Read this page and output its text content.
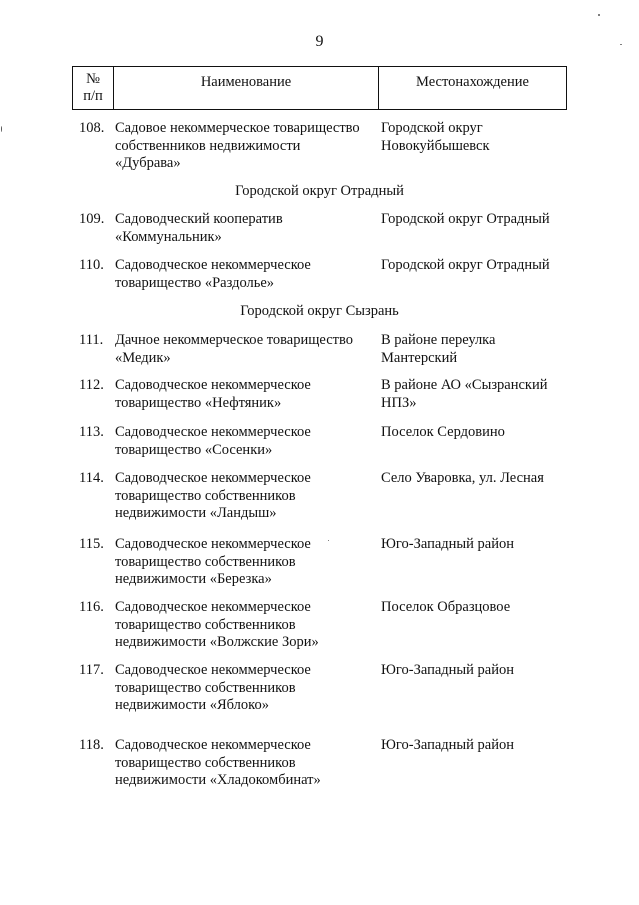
9
№
п/п
Наименование	Местонахождение
108. Садовое некоммерческое товарищество
собственников недвижимости
«Дубрава»
Городской округ
Новокуйбышевск
Городской округ Отрадный
109. Садоводческий кооператив
«Коммунальник»
Городской округ Отрадный
110. Садоводческое некоммерческое
товарищество «Раздолье»
Городской округ Отрадный
Городской округ Сызрань
111. Дачное некоммерческое товарищество
«Медик»
В районе переулка
Мантерский
112. Садоводческое некоммерческое
товарищество «Нефтяник»
В районе АО «Сызранский
НПЗ»
113. Садоводческое некоммерческое
товарищество «Сосенки»
Поселок Сердовино
114. Садоводческое некоммерческое
товарищество собственников
недвижимости «Ландыш»
Село Уваровка, ул. Лесная
115. Садоводческое некоммерческое
товарищество собственников
недвижимости «Березка»
Юго-Западный район
116. Садоводческое некоммерческое
товарищество собственников
недвижимости «Волжские Зори»
Поселок Образцовое
117. Садоводческое некоммерческое
товарищество собственников
недвижимости «Яблоко»
Юго-Западный район
118. Садоводческое некоммерческое
товарищество собственников
недвижимости «Хладокомбинат»
Юго-Западный район
